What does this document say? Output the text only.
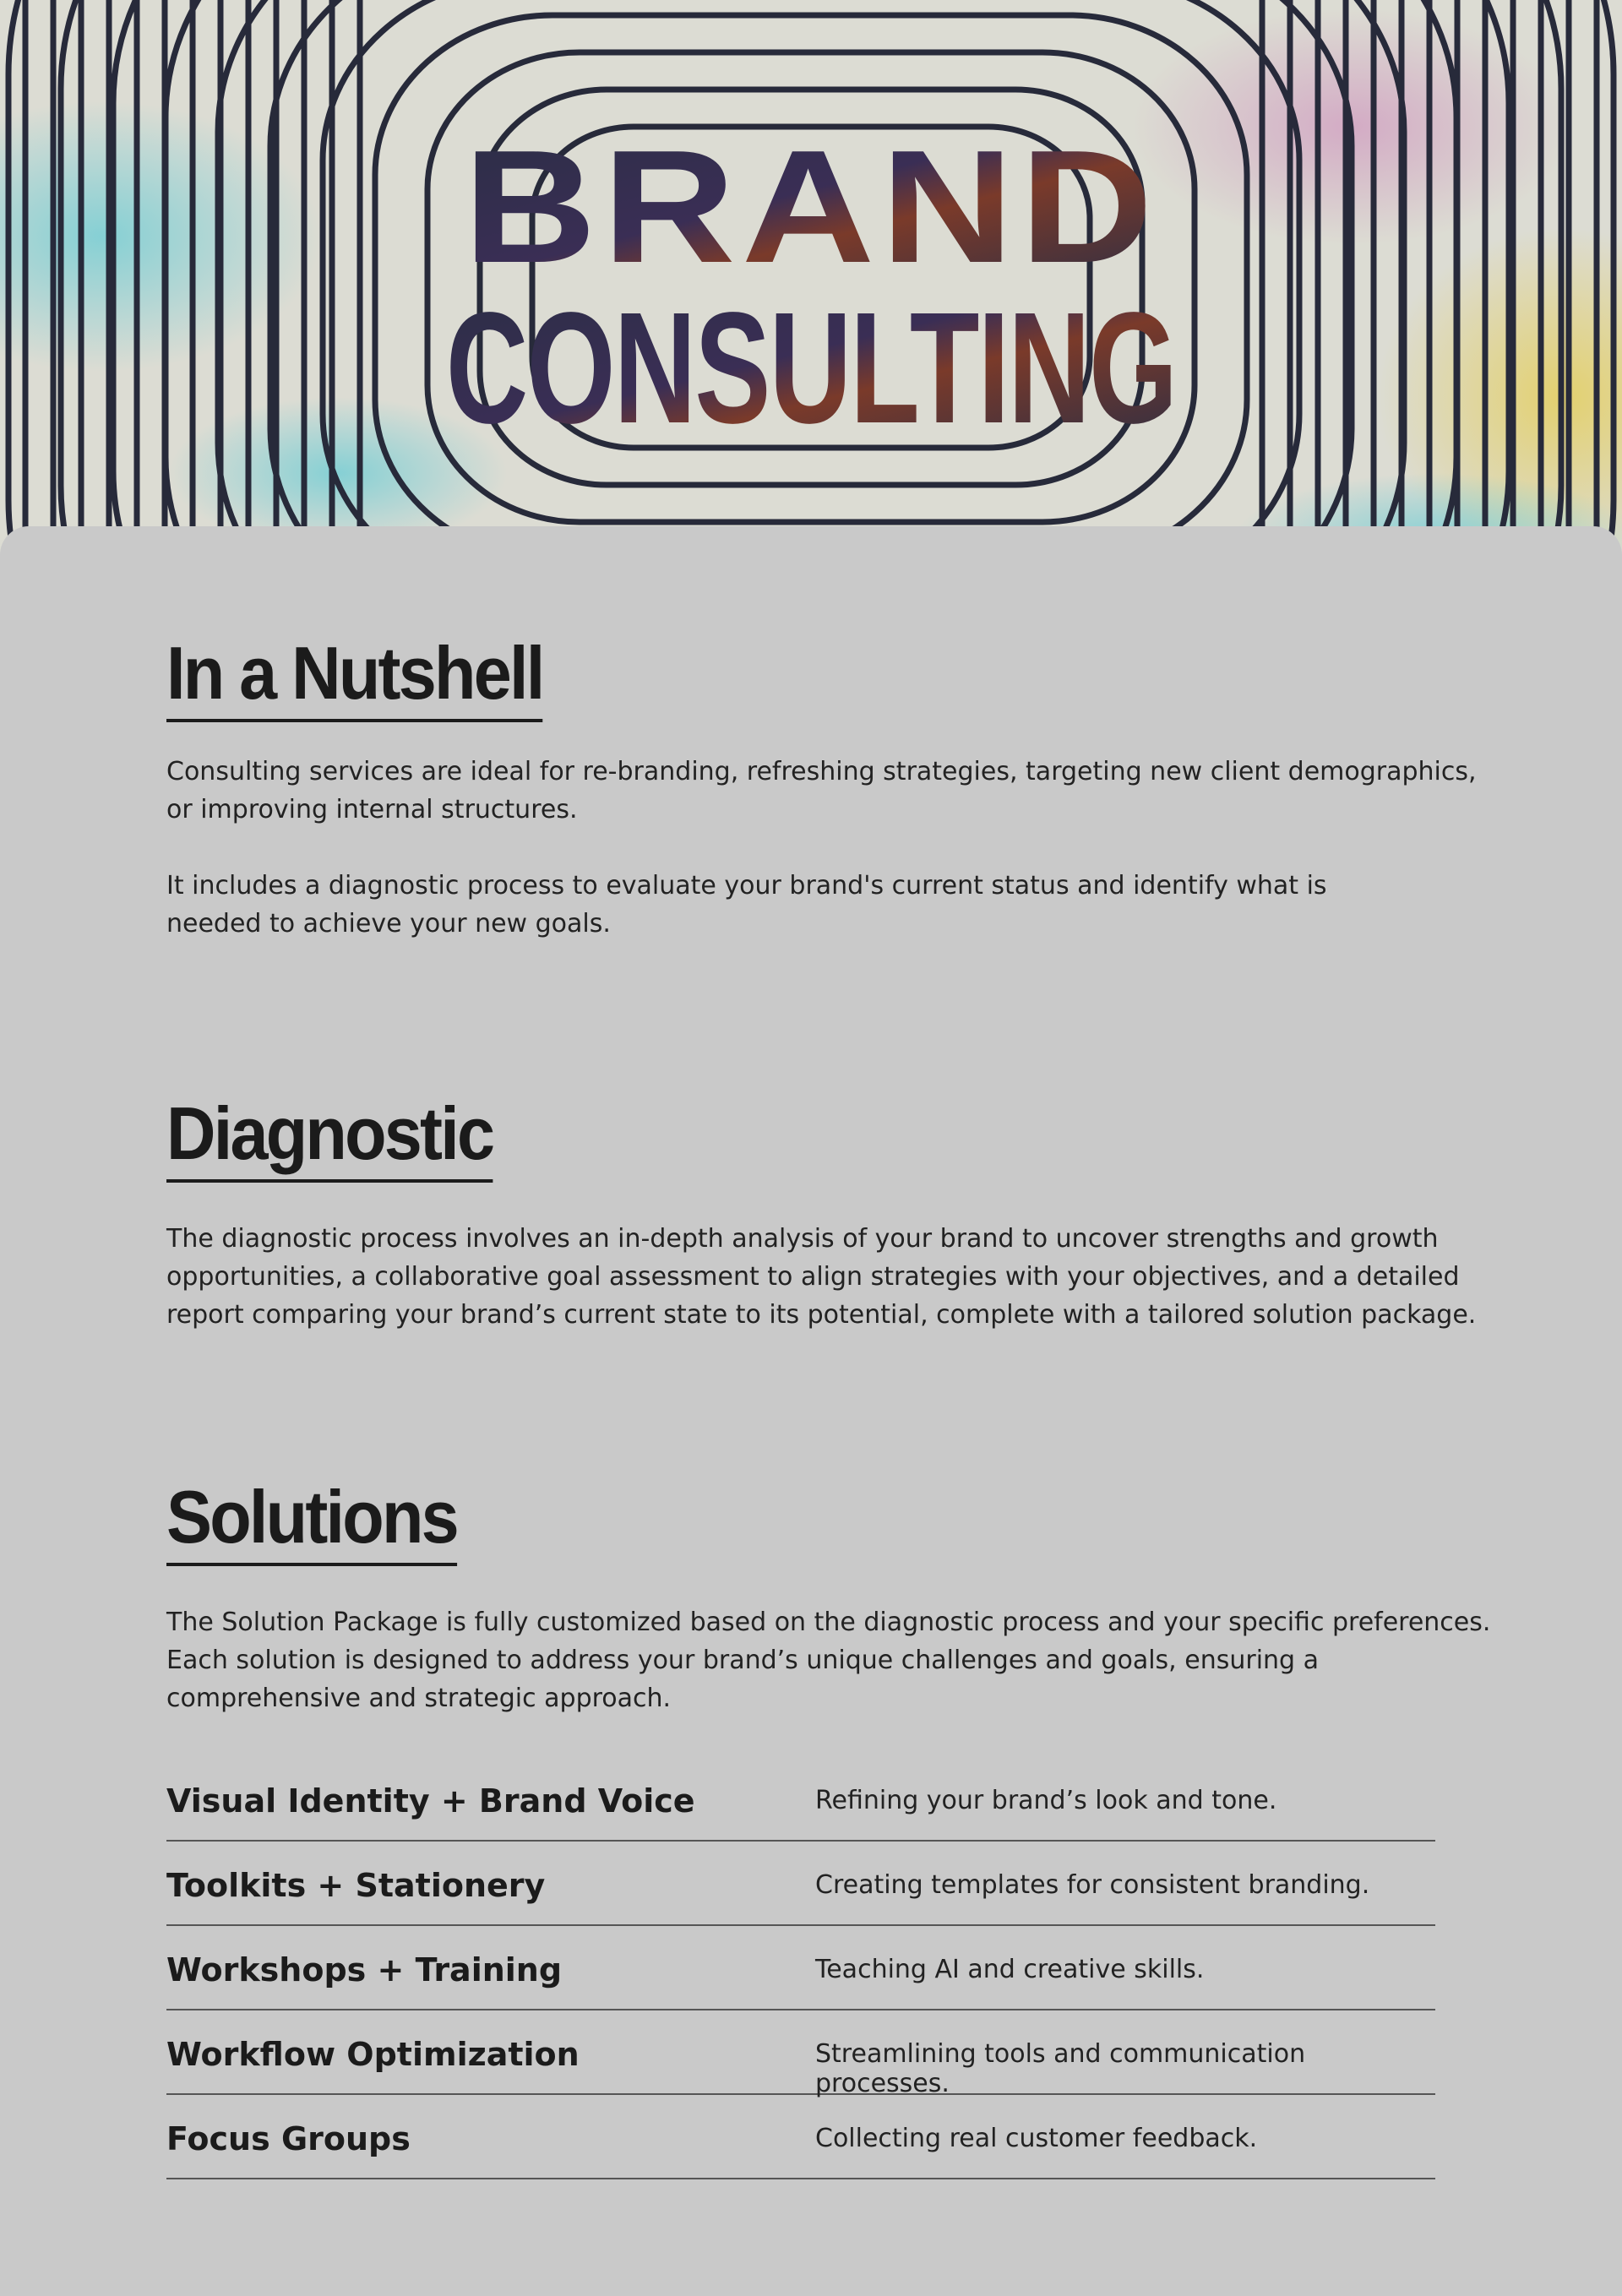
BRAND
CONSULTING
In a Nutshell

Consulting services are ideal for re-branding, refreshing strategies, targeting new client demographics, or improving internal structures.

It includes a diagnostic process to evaluate your brand's current status and identify what is needed to achieve your new goals.

Diagnostic

The diagnostic process involves an in-depth analysis of your brand to uncover strengths and growth opportunities, a collaborative goal assessment to align strategies with your objectives, and a detailed report comparing your brand’s current state to its potential, complete with a tailored solution package.

Solutions

The Solution Package is fully customized based on the diagnostic process and your specific preferences. Each solution is designed to address your brand’s unique challenges and goals, ensuring a comprehensive and strategic approach.

Visual Identity + Brand Voice	Refining your brand’s look and tone.
Toolkits + Stationery	Creating templates for consistent branding.
Workshops + Training	Teaching AI and creative skills.
Workflow Optimization	Streamlining tools and communication processes.
Focus Groups	Collecting real customer feedback.
